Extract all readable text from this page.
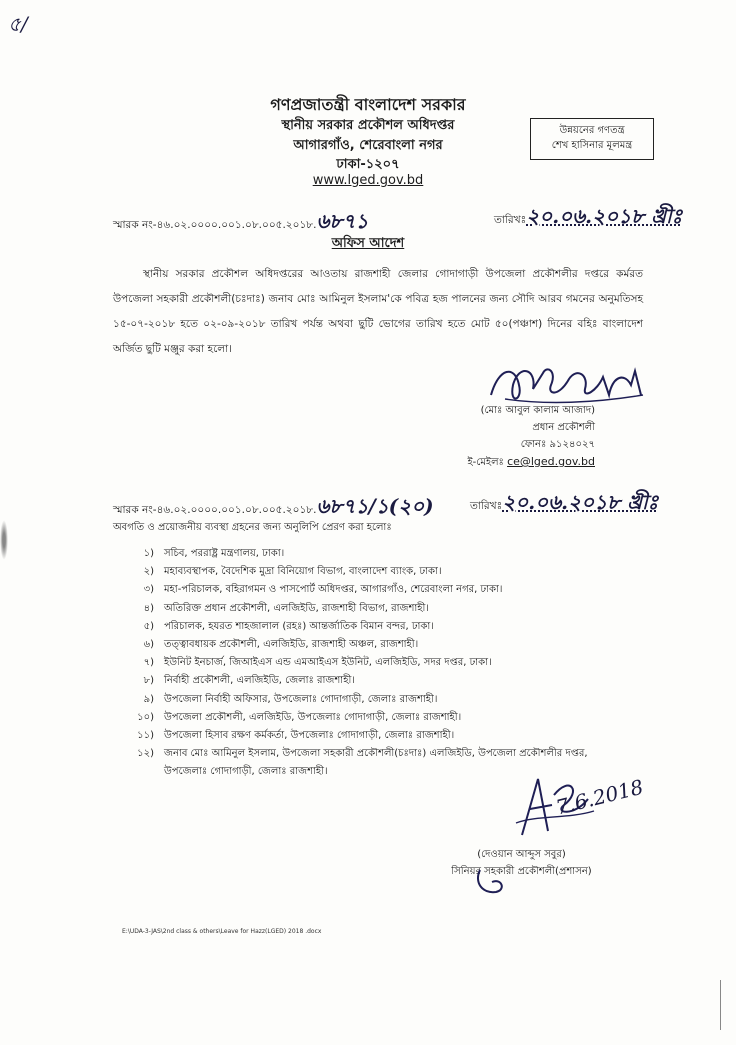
৫/
গণপ্রজাতন্ত্রী বাংলাদেশ সরকার
স্থানীয় সরকার প্রকৌশল অধিদপ্তর
আগারগাঁও, শেরেবাংলা নগর
ঢাকা-১২০৭
www.lged.gov.bd
উন্নয়নের গণতন্ত্র
শেখ হাসিনার মূলমন্ত্র
স্মারক নং-৪৬.০২.০০০০.০০১.০৮.০০৫.২০১৮.৬৮৭১	তারিখঃ২০.০৬.২০১৮ খ্রীঃ
অফিস আদেশ
স্থানীয় সরকার প্রকৌশল অধিদপ্তরের আওতায় রাজশাহী জেলার গোদাগাড়ী উপজেলা প্রকৌশলীর দপ্তরে কর্মরত উপজেলা সহকারী প্রকৌশলী(চঃদাঃ) জনাব মোঃ আমিনুল ইসলাম'কে পবিত্র হজ পালনের জন্য সৌদি আরব গমনের অনুমতিসহ ১৫-০৭-২০১৮ হতে ০২-০৯-২০১৮ তারিখ পর্যন্ত অথবা ছুটি ভোগের তারিখ হতে মোট ৫০(পঞ্চাশ) দিনের বহিঃ বাংলাদেশ অর্জিত ছুটি মঞ্জুর করা হলো।
(মোঃ আবুল কালাম আজাদ)
প্রধান প্রকৌশলী
ফোনঃ ৯১২৪০২৭
ই-মেইলঃ ce@lged.gov.bd
স্মারক নং-৪৬.০২.০০০০.০০১.০৮.০০৫.২০১৮.৬৮৭১/১(২০)	তারিখঃ২০.০৬.২০১৮ খ্রীঃ
অবগতি ও প্রয়োজনীয় ব্যবস্থা গ্রহনের জন্য অনুলিপি প্রেরণ করা হলোঃ
১)	সচিব, পররাষ্ট্র মন্ত্রণালয়, ঢাকা।
২)	মহাব্যবস্থাপক, বৈদেশিক মুদ্রা বিনিয়োগ বিভাগ, বাংলাদেশ ব্যাংক, ঢাকা।
৩)	মহা-পরিচালক, বহিরাগমন ও পাসপোর্ট অধিদপ্তর, আগারগাঁও, শেরেবাংলা নগর, ঢাকা।
৪)	অতিরিক্ত প্রধান প্রকৌশলী, এলজিইডি, রাজশাহী বিভাগ, রাজশাহী।
৫)	পরিচালক, হযরত শাহজালাল (রহঃ) আন্তর্জাতিক বিমান বন্দর, ঢাকা।
৬)	তত্ত্বাবধায়ক প্রকৌশলী, এলজিইডি, রাজশাহী অঞ্চল, রাজশাহী।
৭)	ইউনিট ইনচার্জ, জিআইএস এন্ড এমআইএস ইউনিট, এলজিইডি, সদর দপ্তর, ঢাকা।
৮)	নির্বাহী প্রকৌশলী, এলজিইডি, জেলাঃ রাজশাহী।
৯)	উপজেলা নির্বাহী অফিসার, উপজেলাঃ গোদাগাড়ী, জেলাঃ রাজশাহী।
১০)	উপজেলা প্রকৌশলী, এলজিইডি, উপজেলাঃ গোদাগাড়ী, জেলাঃ রাজশাহী।
১১)	উপজেলা হিসাব রক্ষণ কর্মকর্তা, উপজেলাঃ গোদাগাড়ী, জেলাঃ রাজশাহী।
১২)	জনাব মোঃ আমিনুল ইসলাম, উপজেলা সহকারী প্রকৌশলী(চঃদাঃ) এলজিইডি, উপজেলা প্রকৌশলীর দপ্তর,
উপজেলাঃ গোদাগাড়ী, জেলাঃ রাজশাহী।
7.6.2018
(দেওয়ান আব্দুস সবুর)
সিনিয়র সহকারী প্রকৌশলী(প্রশাসন)
E:\UDA-3-JAS\2nd class & others\Leave for Hazz(LGED) 2018 .docx
